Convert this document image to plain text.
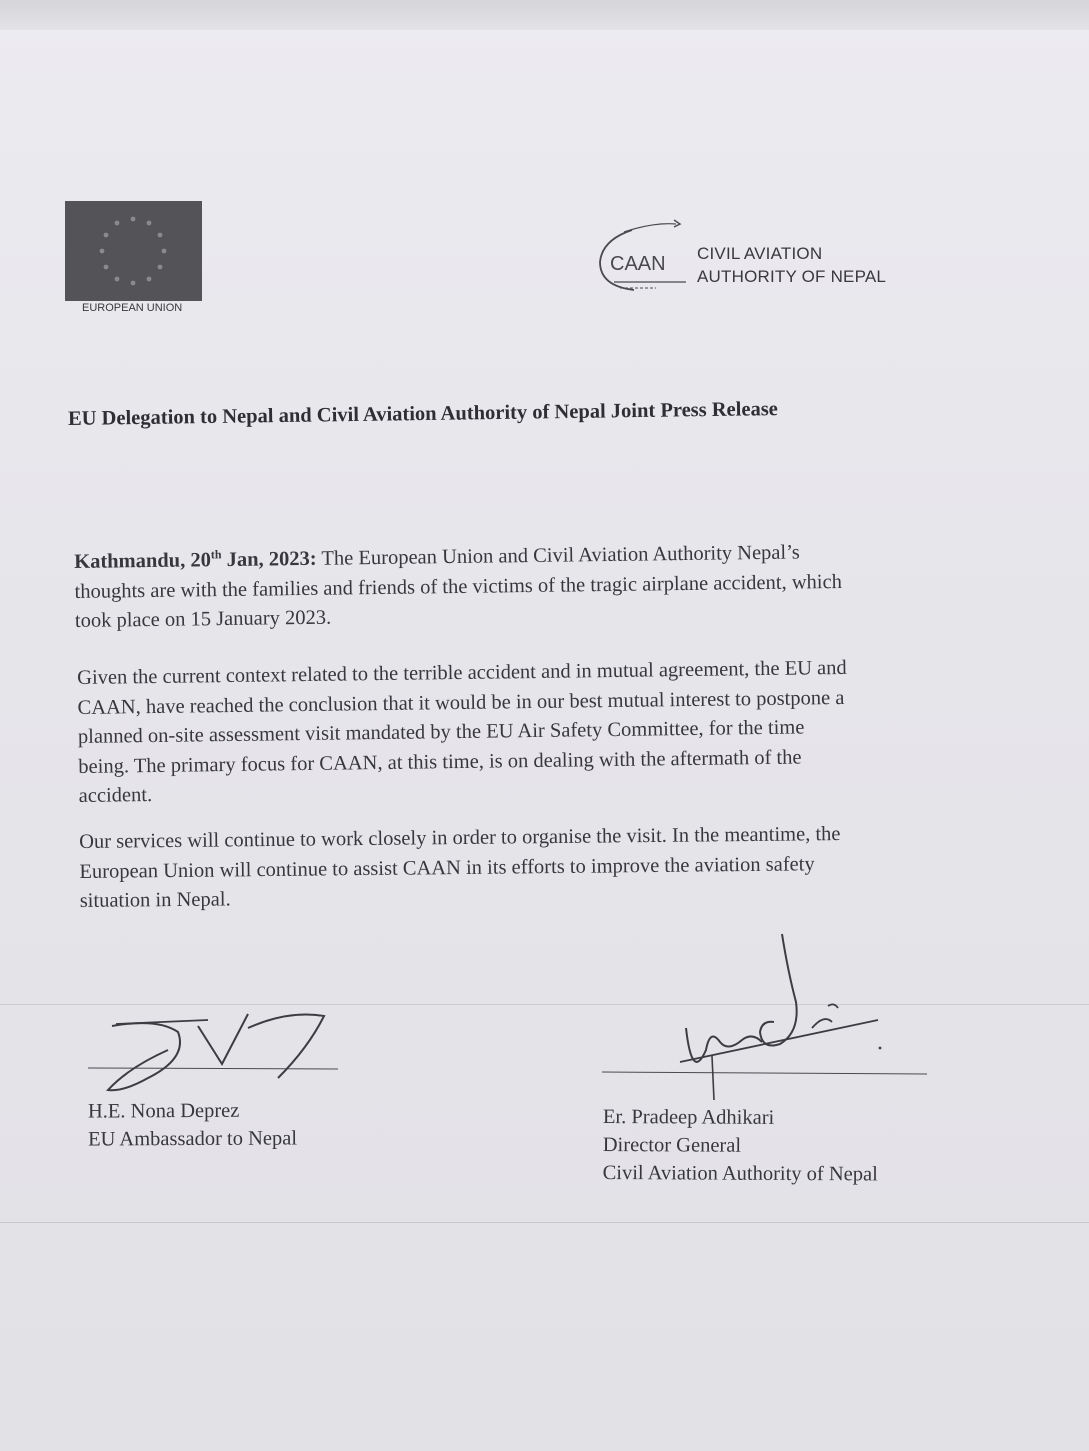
EUROPEAN UNION
CAAN CIVIL AVIATION
AUTHORITY OF NEPAL
EU Delegation to Nepal and Civil Aviation Authority of Nepal Joint Press Release
Kathmandu, 20th Jan, 2023: The European Union and Civil Aviation Authority Nepal’s
thoughts are with the families and friends of the victims of the tragic airplane accident, which
took place on 15 January 2023.
Given the current context related to the terrible accident and in mutual agreement, the EU and
CAAN, have reached the conclusion that it would be in our best mutual interest to postpone a
planned on-site assessment visit mandated by the EU Air Safety Committee, for the time
being. The primary focus for CAAN, at this time, is on dealing with the aftermath of the
accident.
Our services will continue to work closely in order to organise the visit. In the meantime, the
European Union will continue to assist CAAN in its efforts to improve the aviation safety
situation in Nepal.
H.E. Nona Deprez
EU Ambassador to Nepal
Er. Pradeep Adhikari
Director General
Civil Aviation Authority of Nepal
